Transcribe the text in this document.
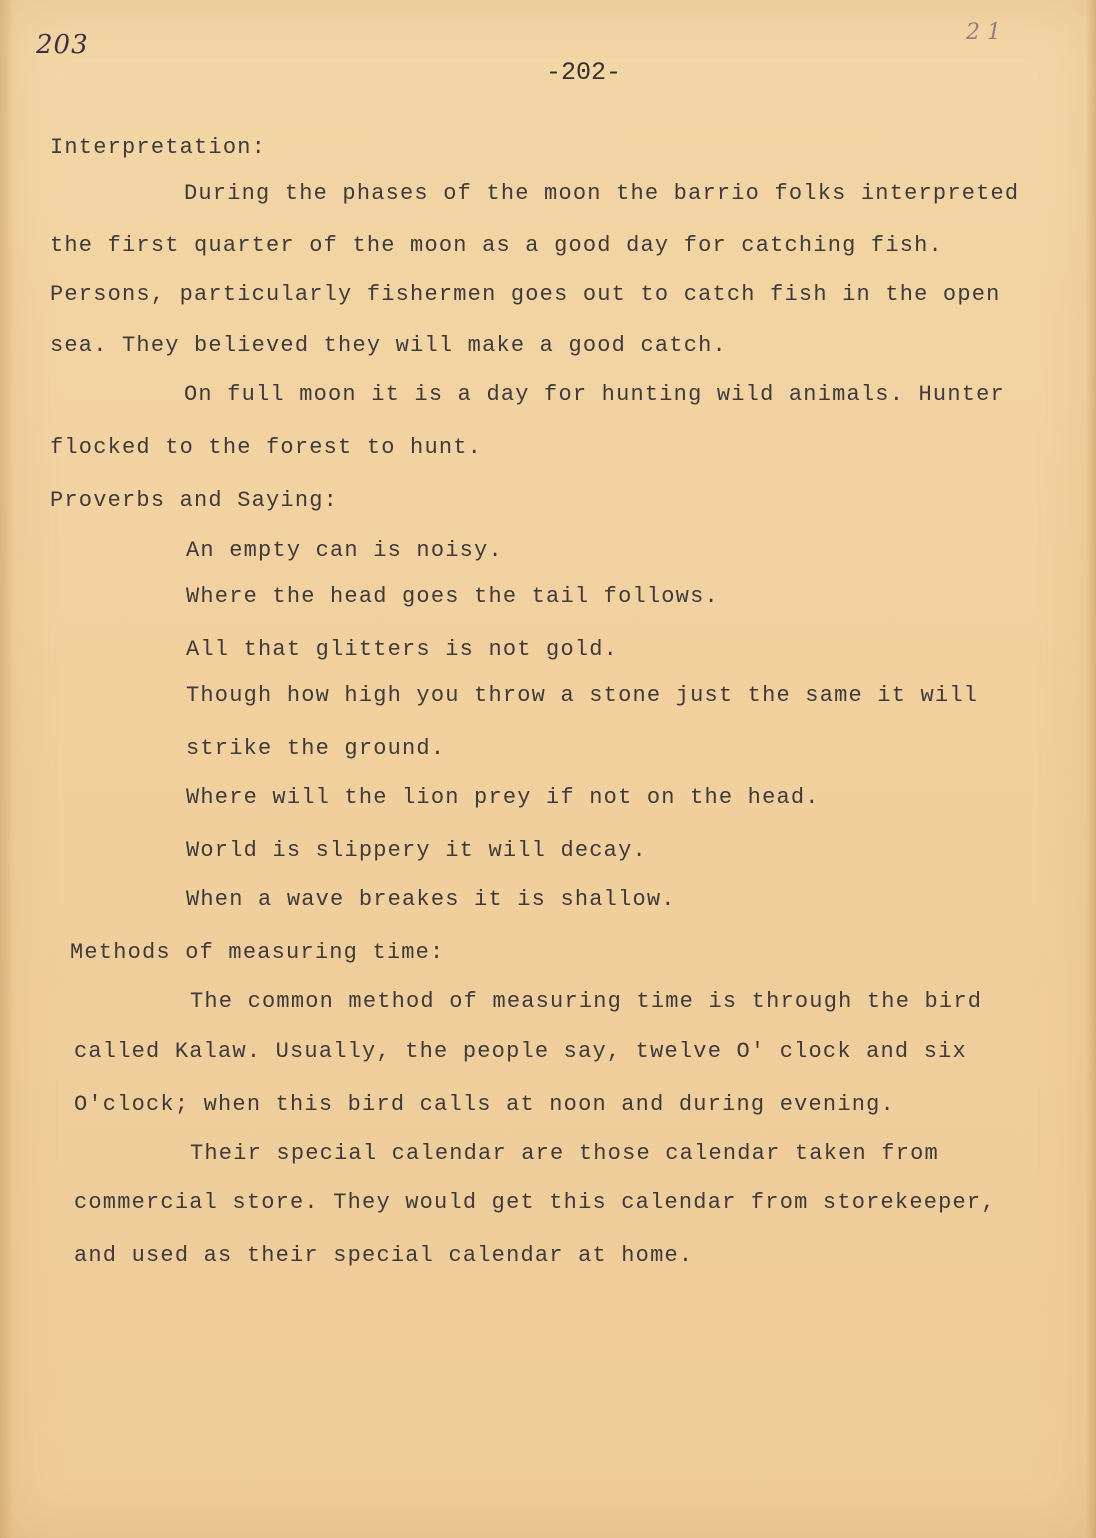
203	2 1
-202-

Interpretation:

During the phases of the moon the barrio folks interpreted

the first quarter of the moon as a good day for catching fish.

Persons, particularly fishermen goes out to catch fish in the open

sea. They believed they will make a good catch.

On full moon it is a day for hunting wild animals. Hunter

flocked to the forest to hunt.

Proverbs and Saying:

An empty can is noisy.

Where the head goes the tail follows.

All that glitters is not gold.

Though how high you throw a stone just the same it will

strike the ground.

Where will the lion prey if not on the head.

World is slippery it will decay.

When a wave breakes it is shallow.

Methods of measuring time:

The common method of measuring time is through the bird

called Kalaw. Usually, the people say, twelve O' clock and six

O'clock; when this bird calls at noon and during evening.

Their special calendar are those calendar taken from

commercial store. They would get this calendar from storekeeper,

and used as their special calendar at home.
